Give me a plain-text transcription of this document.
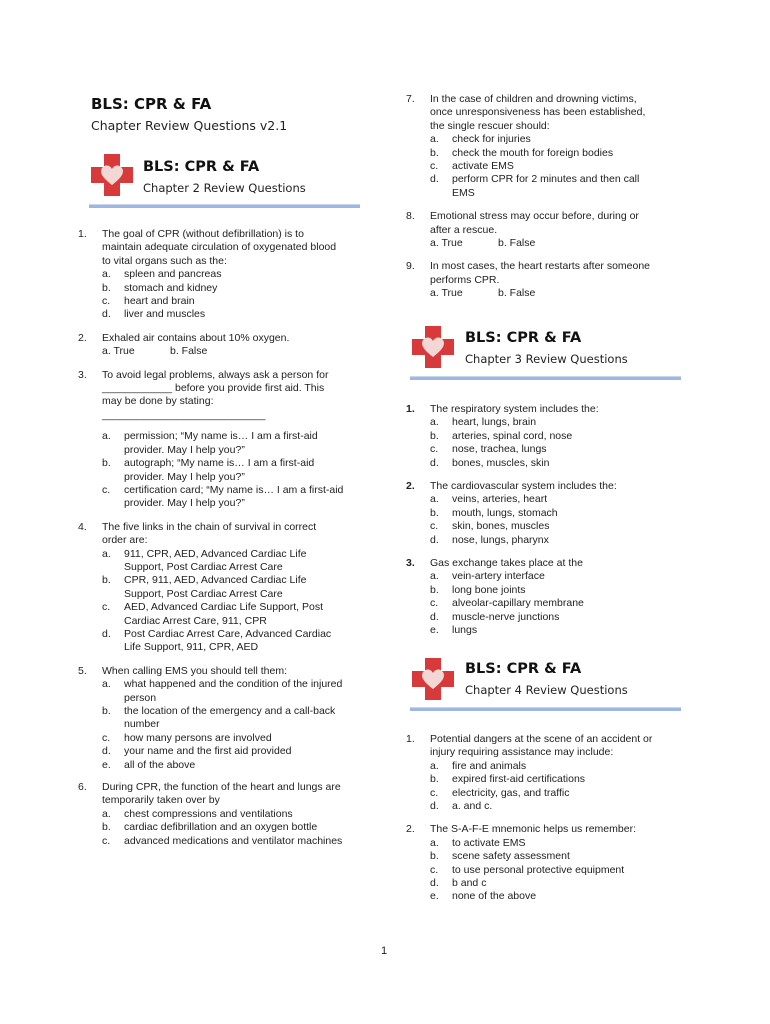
BLS: CPR & FA
Chapter Review Questions v2.1
BLS: CPR & FA
Chapter 2 Review Questions
1.	The goal of CPR (without defibrillation) is to
maintain adequate circulation of oxygenated blood
to vital organs such as the:
a.	spleen and pancreas
b.	stomach and kidney
c.	heart and brain
d.	liver and muscles
2.	Exhaled air contains about 10% oxygen.
a. True	b. False
3.	To avoid legal problems, always ask a person for
____________ before you provide first aid. This
may be done by stating:
____________________________
a.	permission; “My name is… I am a first-aid
provider. May I help you?”
b.	autograph; “My name is… I am a first-aid
provider. May I help you?”
c.	certification card; “My name is… I am a first-aid
provider. May I help you?”
4.	The five links in the chain of survival in correct
order are:
a.	911, CPR, AED, Advanced Cardiac Life
Support, Post Cardiac Arrest Care
b.	CPR, 911, AED, Advanced Cardiac Life
Support, Post Cardiac Arrest Care
c.	AED, Advanced Cardiac Life Support, Post
Cardiac Arrest Care, 911, CPR
d.	Post Cardiac Arrest Care, Advanced Cardiac
Life Support, 911, CPR, AED
5.	When calling EMS you should tell them:
a.	what happened and the condition of the injured
person
b.	the location of the emergency and a call-back
number
c.	how many persons are involved
d.	your name and the first aid provided
e.	all of the above
6.	During CPR, the function of the heart and lungs are
temporarily taken over by
a.	chest compressions and ventilations
b.	cardiac defibrillation and an oxygen bottle
c.	advanced medications and ventilator machines
7.	In the case of children and drowning victims,
once unresponsiveness has been established,
the single rescuer should:
a.	check for injuries
b.	check the mouth for foreign bodies
c.	activate EMS
d.	perform CPR for 2 minutes and then call
EMS
8.	Emotional stress may occur before, during or
after a rescue.
a. True	b. False
9.	In most cases, the heart restarts after someone
performs CPR.
a. True	b. False
BLS: CPR & FA
Chapter 3 Review Questions
1.	The respiratory system includes the:
a.	heart, lungs, brain
b.	arteries, spinal cord, nose
c.	nose, trachea, lungs
d.	bones, muscles, skin
2.	The cardiovascular system includes the:
a.	veins, arteries, heart
b.	mouth, lungs, stomach
c.	skin, bones, muscles
d.	nose, lungs, pharynx
3.	Gas exchange takes place at the
a.	vein-artery interface
b.	long bone joints
c.	alveolar-capillary membrane
d.	muscle-nerve junctions
e.	lungs
BLS: CPR & FA
Chapter 4 Review Questions
1.	Potential dangers at the scene of an accident or
injury requiring assistance may include:
a.	fire and animals
b.	expired first-aid certifications
c.	electricity, gas, and traffic
d.	a. and c.
2.	The S-A-F-E mnemonic helps us remember:
a.	to activate EMS
b.	scene safety assessment
c.	to use personal protective equipment
d.	b and c
e.	none of the above
1
